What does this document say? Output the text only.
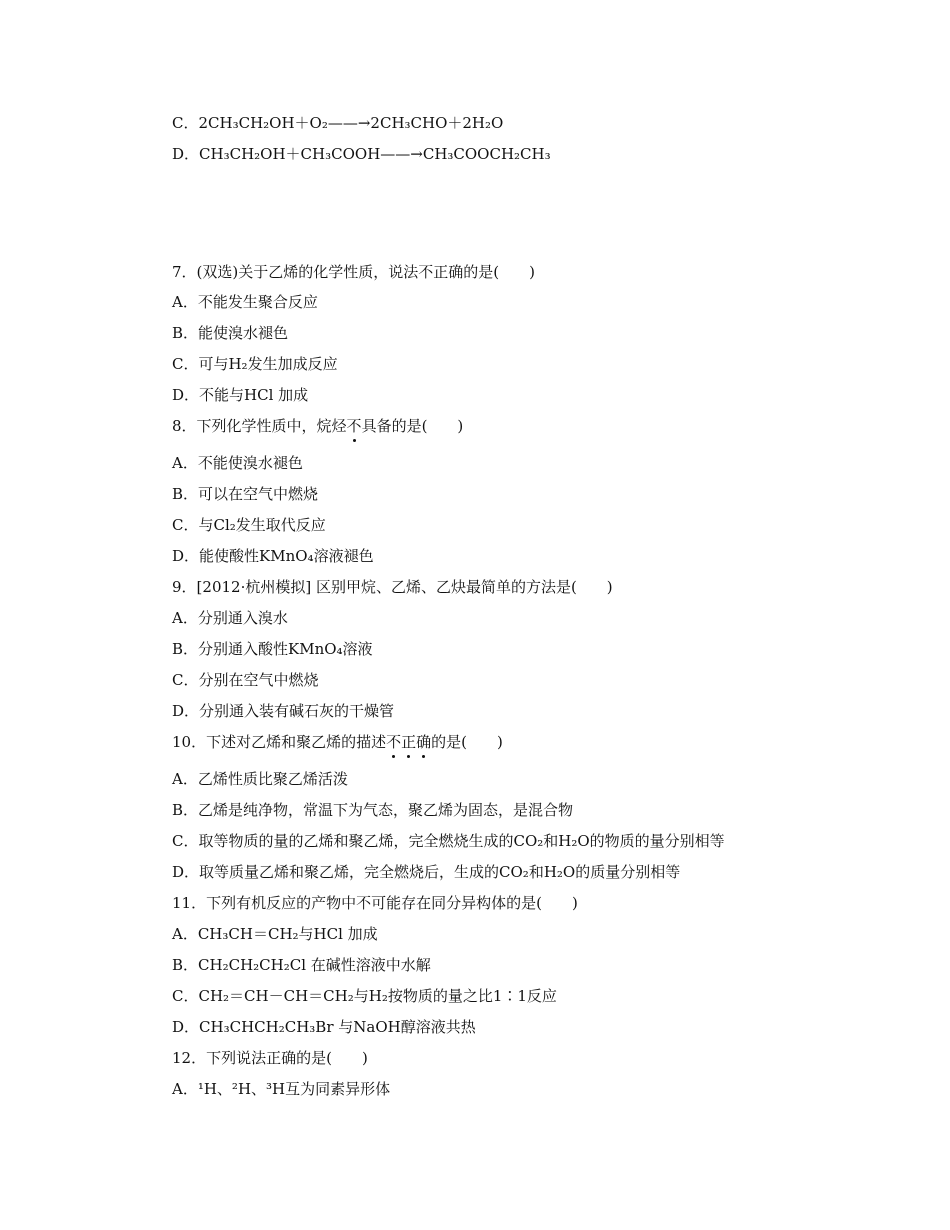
C．2CH₃CH₂OH＋O₂——→2CH₃CHO＋2H₂O
D．CH₃CH₂OH＋CH₃COOH——→CH₃COOCH₂CH₃
7．(双选)关于乙烯的化学性质，说法不正确的是(　　)
A．不能发生聚合反应
B．能使溴水褪色
C．可与H₂发生加成反应
D．不能与HCl 加成
8．下列化学性质中，烷烃不具备的是(　　)
A．不能使溴水褪色
B．可以在空气中燃烧
C．与Cl₂发生取代反应
D．能使酸性KMnO₄溶液褪色
9．[2012·杭州模拟] 区别甲烷、乙烯、乙炔最简单的方法是(　　)
A．分别通入溴水
B．分别通入酸性KMnO₄溶液
C．分别在空气中燃烧
D．分别通入装有碱石灰的干燥管
10．下述对乙烯和聚乙烯的描述不正确的是(　　)
A．乙烯性质比聚乙烯活泼
B．乙烯是纯净物，常温下为气态，聚乙烯为固态，是混合物
C．取等物质的量的乙烯和聚乙烯，完全燃烧生成的CO₂和H₂O的物质的量分别相等
D．取等质量乙烯和聚乙烯，完全燃烧后，生成的CO₂和H₂O的质量分别相等
11．下列有机反应的产物中不可能存在同分异构体的是(　　)
A．CH₃CH＝CH₂与HCl 加成
B．CH₂CH₂CH₂Cl 在碱性溶液中水解
C．CH₂＝CH－CH＝CH₂与H₂按物质的量之比1∶1反应
D．CH₃CHCH₂CH₃Br 与NaOH醇溶液共热
12．下列说法正确的是(　　)
A．¹H、²H、³H互为同素异形体
